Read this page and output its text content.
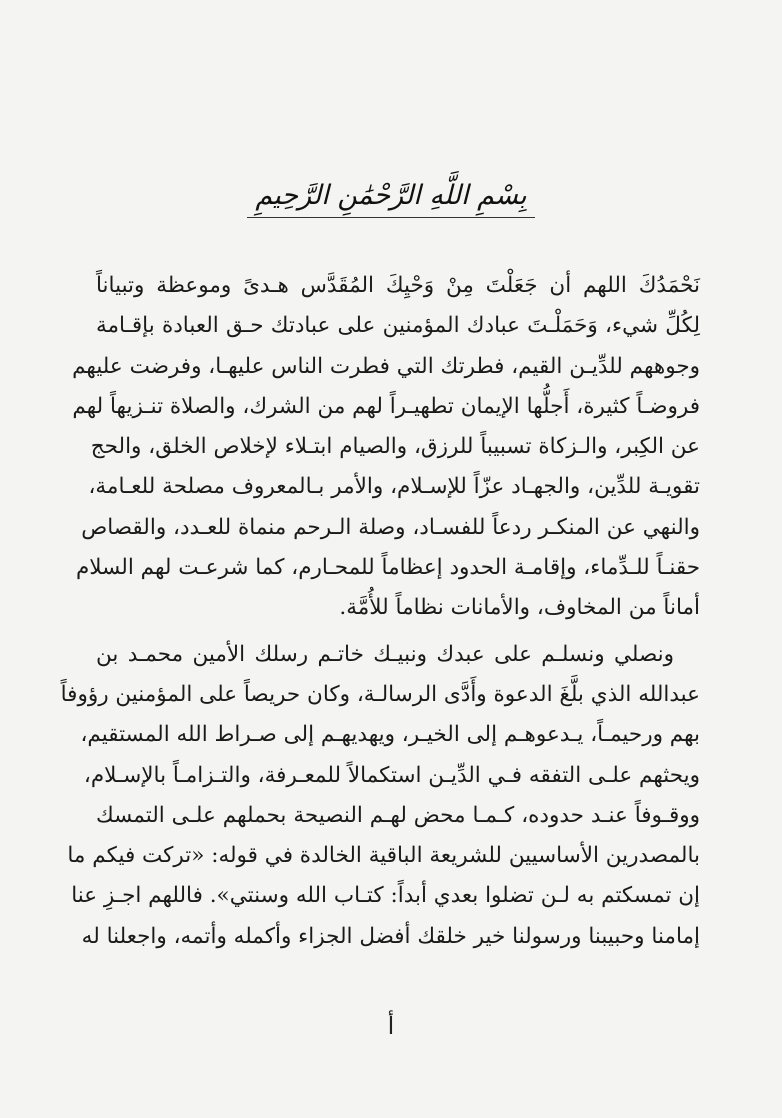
بِسْمِ اللَّهِ الرَّحْمَٰنِ الرَّحِيمِ
نَحْمَدُكَ اللهم أن جَعَلْتَ مِنْ وَحْيِكَ المُقَدَّس هـدىً وموعظة وتبياناً
لِكُلِّ شيء، وَحَمَلْـتَ عبادك المؤمنين على عبادتك حـق العبادة بإقـامة
وجوههم للدِّيـن القيم، فطرتك التي فطرت الناس عليهـا، وفرضت عليهم
فروضـاً كثيرة، أَجلُّها الإيمان تطهيـراً لهم من الشرك، والصلاة تنـزيهاً لهم
عن الكِبر، والـزكاة تسبيباً للرزق، والصيام ابتـلاء لإخلاص الخلق، والحج
تقويـة للدِّين، والجهـاد عزّاً للإسـلام، والأمر بـالمعروف مصلحة للعـامة،
والنهي عن المنكـر ردعاً للفسـاد، وصلة الـرحم منماة للعـدد، والقصاص
حقنـاً للـدِّماء، وإقامـة الحدود إعظاماً للمحـارم، كما شرعـت لهم السلام
أماناً من المخاوف، والأمانات نظاماً للأُمَّة.
ونصلي ونسلـم على عبدك ونبيـك خاتـم رسلك الأمين محمـد بن
عبدالله الذي بلَّغَ الدعوة وأَدَّى الرسالـة، وكان حريصاً على المؤمنين رؤوفاً
بهم ورحيمـاً، يـدعوهـم إلى الخيـر، ويهديهـم إلى صـراط الله المستقيم،
ويحثهم علـى التفقه فـي الدِّيـن استكمالاً للمعـرفة، والتـزامـاً بالإسـلام،
ووقـوفاً عنـد حدوده، كـمـا محض لهـم النصيحة بحملهم علـى التمسك
بالمصدرين الأساسيين للشريعة الباقية الخالدة في قوله: «تركت فيكم ما
إن تمسكتم به لـن تضلوا بعدي أبداً: كتـاب الله وسنتي». فاللهم اجـزِ عنا
إمامنا وحبيبنا ورسولنا خير خلقك أفضل الجزاء وأكمله وأتمه، واجعلنا له
أ
